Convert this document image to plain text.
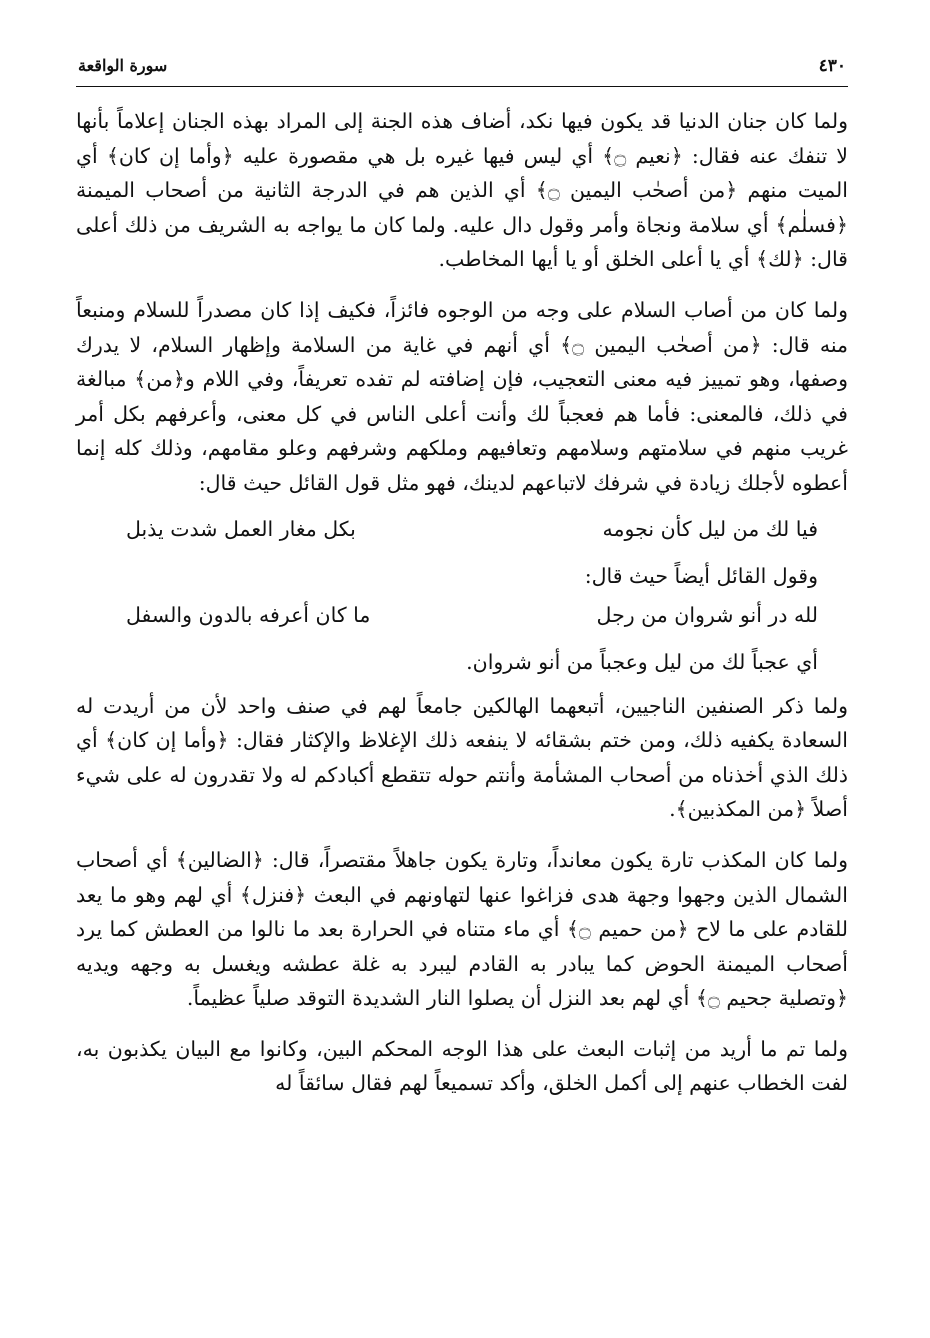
٤٣٠
سورة الواقعة

ولما كان جنان الدنيا قد يكون فيها نكد، أضاف هذه الجنة إلى المراد بهذه الجنان إعلاماً بأنها لا تنفك عنه فقال: ﴿نعيم ۝﴾ أي ليس فيها غيره بل هي مقصورة عليه ﴿وأما إن كان﴾ أي الميت منهم ﴿من أصحٰب اليمين ۝﴾ أي الذين هم في الدرجة الثانية من أصحاب الميمنة ﴿فسلٰم﴾ أي سلامة ونجاة وأمر وقول دال عليه. ولما كان ما يواجه به الشريف من ذلك أعلى قال: ﴿لك﴾ أي يا أعلى الخلق أو يا أيها المخاطب.

ولما كان من أصاب السلام على وجه من الوجوه فائزاً، فكيف إذا كان مصدراً للسلام ومنبعاً منه قال: ﴿من أصحٰب اليمين ۝﴾ أي أنهم في غاية من السلامة وإظهار السلام، لا يدرك وصفها، وهو تمييز فيه معنى التعجيب، فإن إضافته لم تفده تعريفاً، وفي اللام و﴿من﴾ مبالغة في ذلك، فالمعنى: فأما هم فعجباً لك وأنت أعلى الناس في كل معنى، وأعرفهم بكل أمر غريب منهم في سلامتهم وسلامهم وتعافيهم وملكهم وشرفهم وعلو مقامهم، وذلك كله إنما أعطوه لأجلك زيادة في شرفك لاتباعهم لدينك، فهو مثل قول القائل حيث قال:

فيا لك من ليل كأن نجومه
بكل مغار العمل شدت يذبل
وقول القائل أيضاً حيث قال:
لله در أنو شروان من رجل
ما كان أعرفه بالدون والسفل
أي عجباً لك من ليل وعجباً من أنو شروان.

ولما ذكر الصنفين الناجيين، أتبعهما الهالكين جامعاً لهم في صنف واحد لأن من أريدت له السعادة يكفيه ذلك، ومن ختم بشقائه لا ينفعه ذلك الإغلاظ والإكثار فقال: ﴿وأما إن كان﴾ أي ذلك الذي أخذناه من أصحاب المشأمة وأنتم حوله تتقطع أكبادكم له ولا تقدرون له على شيء أصلاً ﴿من المكذبين﴾.

ولما كان المكذب تارة يكون معانداً، وتارة يكون جاهلاً مقتصراً، قال: ﴿الضالين﴾ أي أصحاب الشمال الذين وجهوا وجهة هدى فزاغوا عنها لتهاونهم في البعث ﴿فنزل﴾ أي لهم وهو ما يعد للقادم على ما لاح ﴿من حميم ۝﴾ أي ماء متناه في الحرارة بعد ما نالوا من العطش كما يرد أصحاب الميمنة الحوض كما يبادر به القادم ليبرد به غلة عطشه ويغسل به وجهه ويديه ﴿وتصلية جحيم ۝﴾ أي لهم بعد النزل أن يصلوا النار الشديدة التوقد صلياً عظيماً.

ولما تم ما أريد من إثبات البعث على هذا الوجه المحكم البين، وكانوا مع البيان يكذبون به، لفت الخطاب عنهم إلى أكمل الخلق، وأكد تسميعاً لهم فقال سائقاً له
